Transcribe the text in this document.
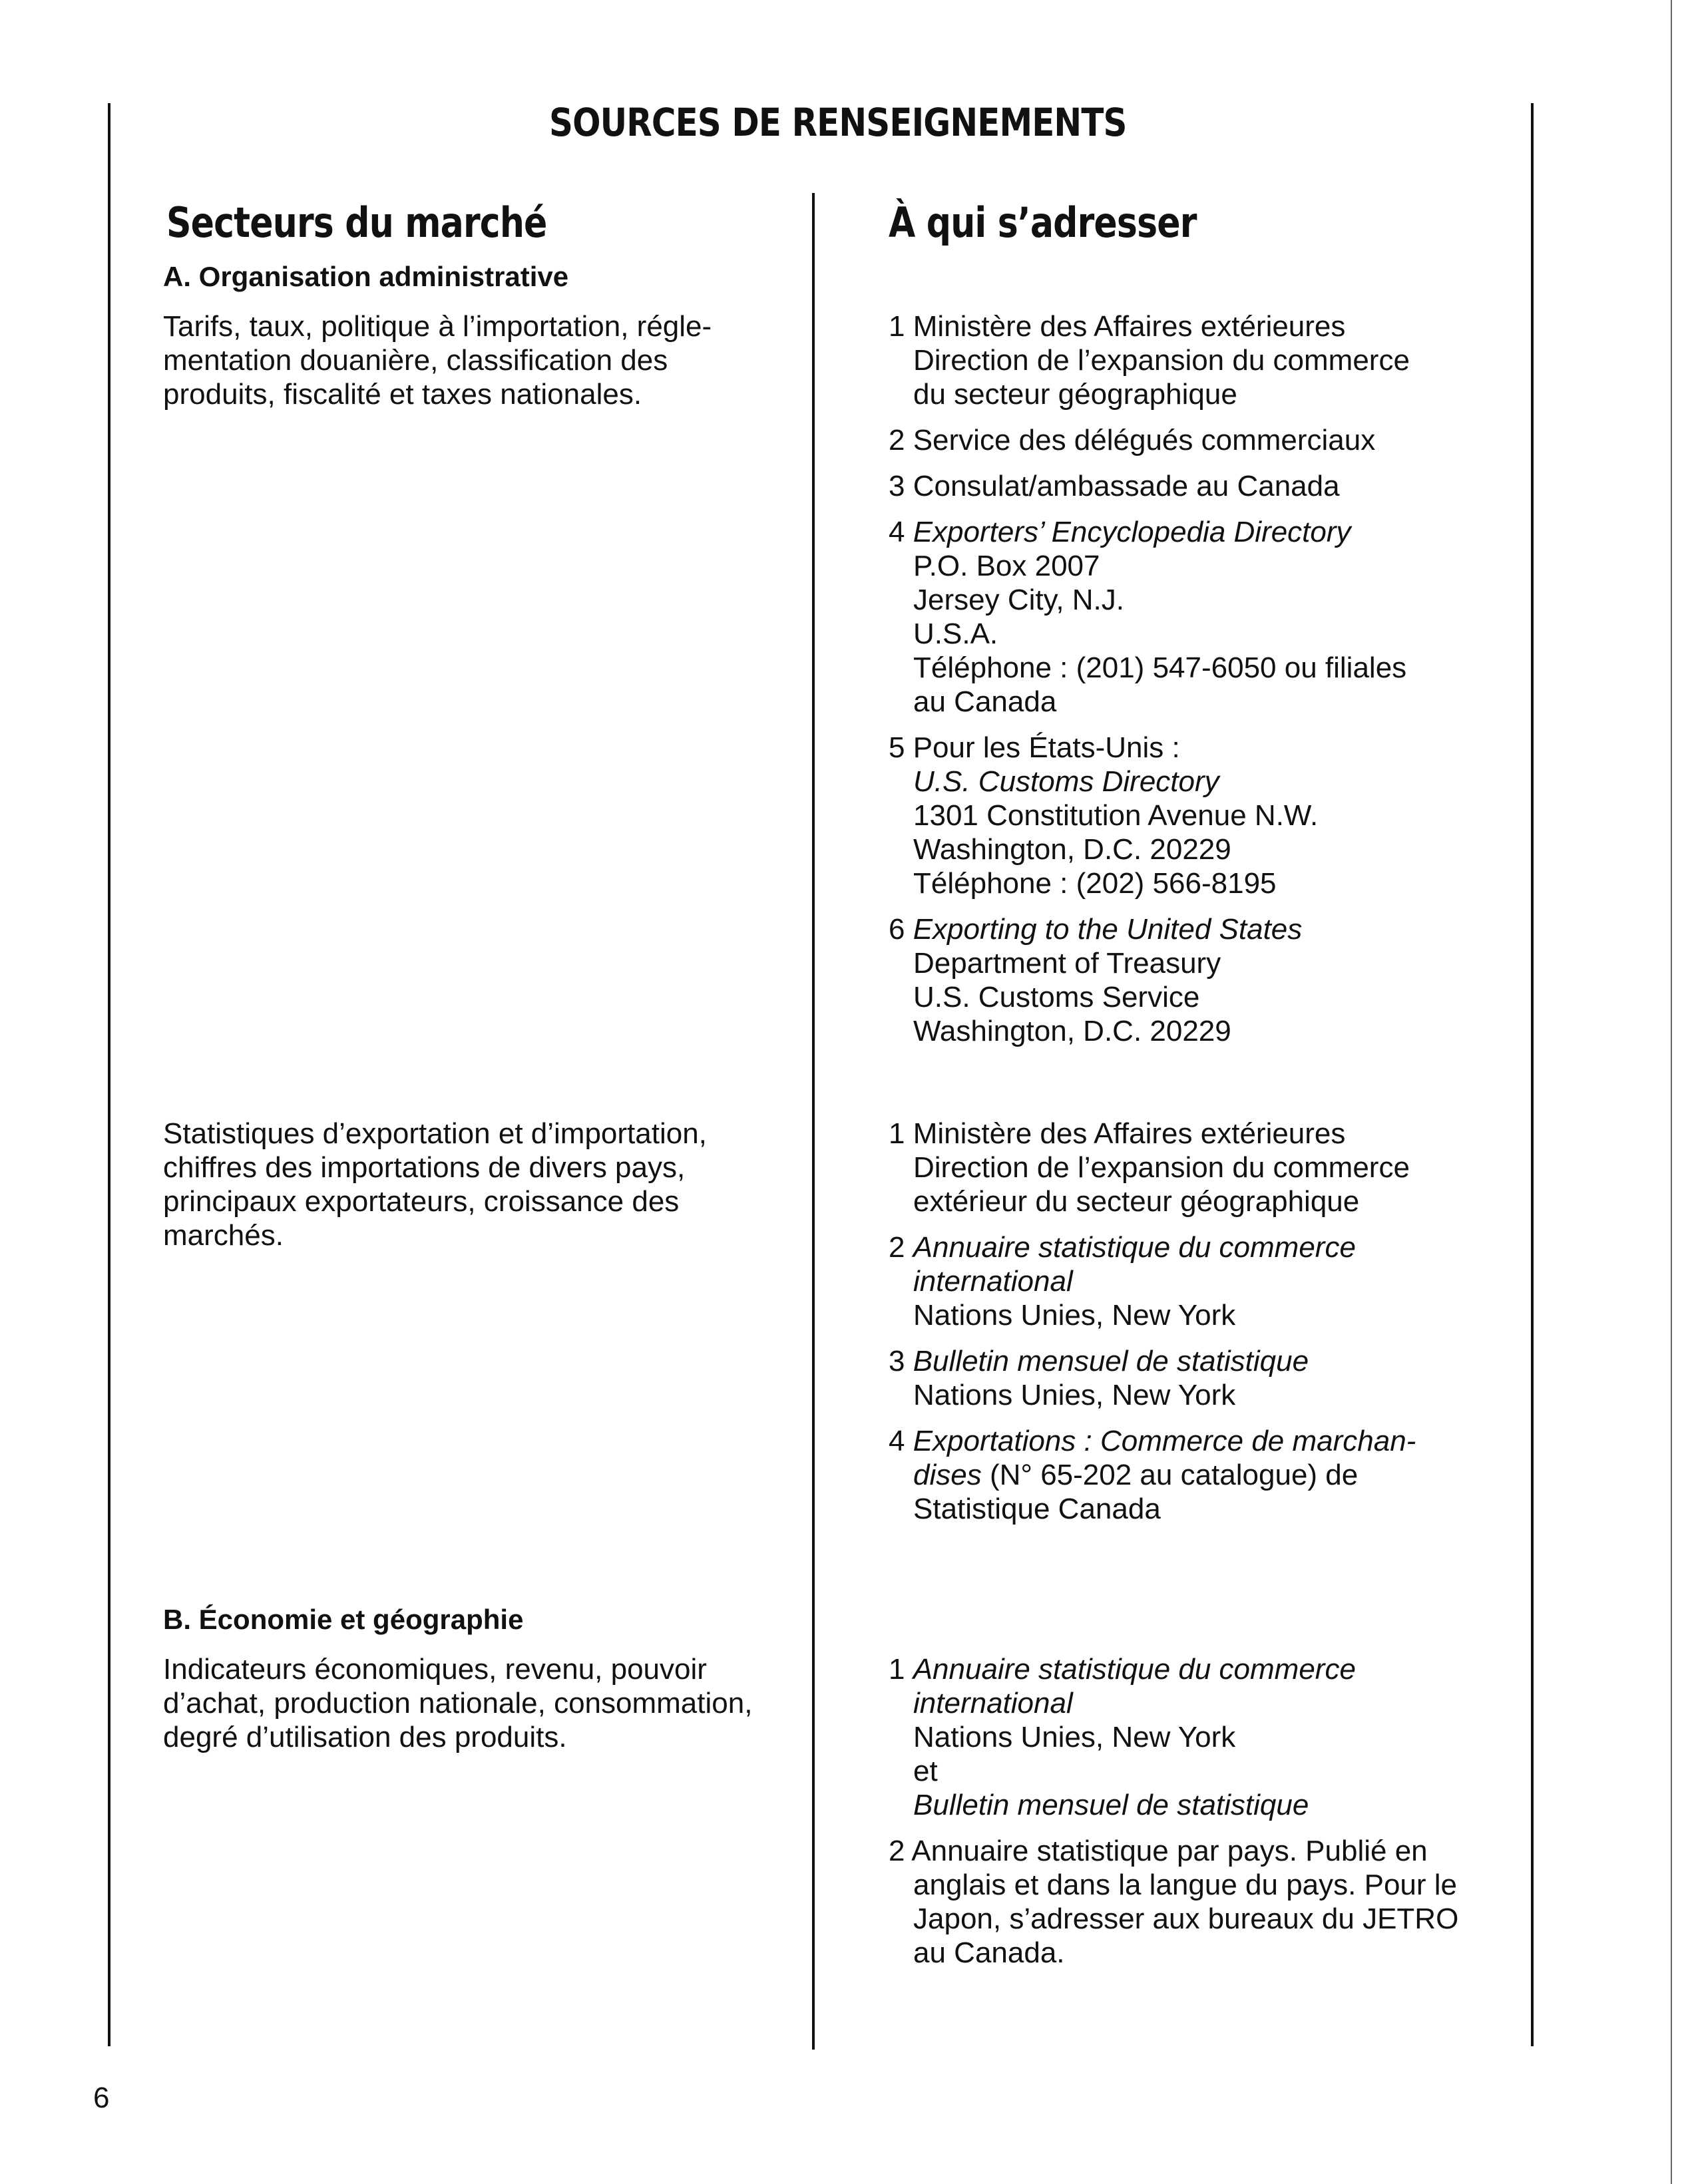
SOURCES DE RENSEIGNEMENTS
Secteurs du marché	À qui s’adresser
A. Organisation administrative
Tarifs, taux, politique à l’importation, régle-
mentation douanière, classification des
produits, fiscalité et taxes nationales.
Statistiques d’exportation et d’importation,
chiffres des importations de divers pays,
principaux exportateurs, croissance des
marchés.
B. Économie et géographie
Indicateurs économiques, revenu, pouvoir
d’achat, production nationale, consommation,
degré d’utilisation des produits.
1 Ministère des Affaires extérieures
Direction de l’expansion du commerce
du secteur géographique
2 Service des délégués commerciaux
3 Consulat/ambassade au Canada
4 Exporters’ Encyclopedia Directory
P.O. Box 2007
Jersey City, N.J.
U.S.A.
Téléphone : (201) 547-6050 ou filiales
au Canada
5 Pour les États-Unis :
U.S. Customs Directory
1301 Constitution Avenue N.W.
Washington, D.C. 20229
Téléphone : (202) 566-8195
6 Exporting to the United States
Department of Treasury
U.S. Customs Service
Washington, D.C. 20229
1 Ministère des Affaires extérieures
Direction de l’expansion du commerce
extérieur du secteur géographique
2 Annuaire statistique du commerce
international
Nations Unies, New York
3 Bulletin mensuel de statistique
Nations Unies, New York
4 Exportations : Commerce de marchan-
dises (N° 65-202 au catalogue) de
Statistique Canada
1 Annuaire statistique du commerce
international
Nations Unies, New York
et
Bulletin mensuel de statistique
2 Annuaire statistique par pays. Publié en
anglais et dans la langue du pays. Pour le
Japon, s’adresser aux bureaux du JETRO
au Canada.
6
